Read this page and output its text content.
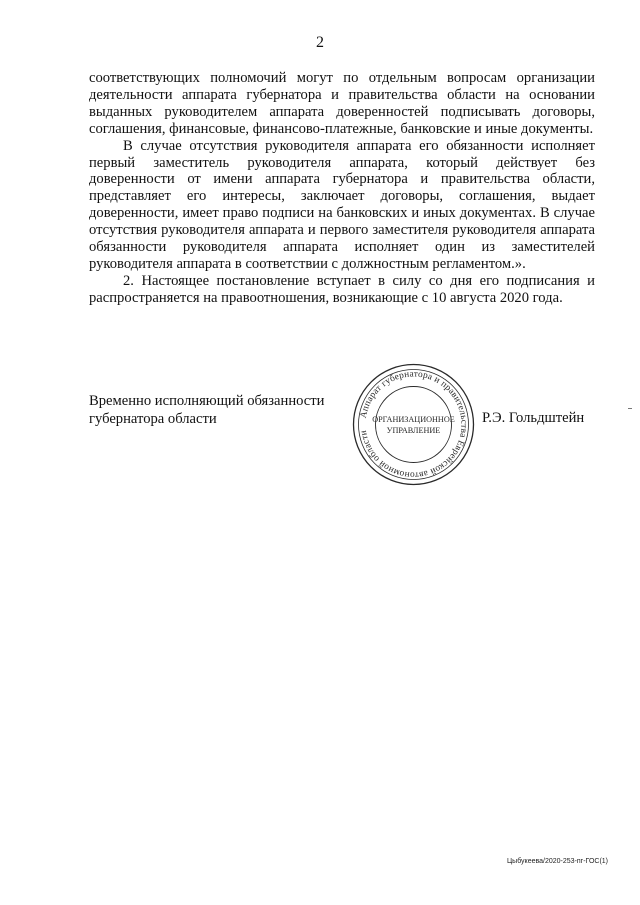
2

соответствующих полномочий могут по отдельным вопросам организации деятельности аппарата губернатора и правительства области на основании выданных руководителем аппарата доверенностей подписывать договоры, соглашения, финансовые, финансово-платежные, банковские и иные документы.

В случае отсутствия руководителя аппарата его обязанности исполняет первый заместитель руководителя аппарата, который действует без доверенности от имени аппарата губернатора и правительства области, представляет его интересы, заключает договоры, соглашения, выдает доверенности, имеет право подписи на банковских и иных документах. В случае отсутствия руководителя аппарата и первого заместителя руководителя аппарата обязанности руководителя аппарата исполняет один из заместителей руководителя аппарата в соответствии с должностным регламентом.».

2. Настоящее постановление вступает в силу со дня его подписания и распространяется на правоотношения, возникающие с 10 августа 2020 года.

Временно исполняющий обязанности
губернатора области	Р.Э. Гольдштейн
Аппарат губернатора и правительства Еврейской автономной области
ОРГАНИЗАЦИОННОЕ
УПРАВЛЕНИЕ
Цыбукеева/2020-253-пг-ГОС(1)
